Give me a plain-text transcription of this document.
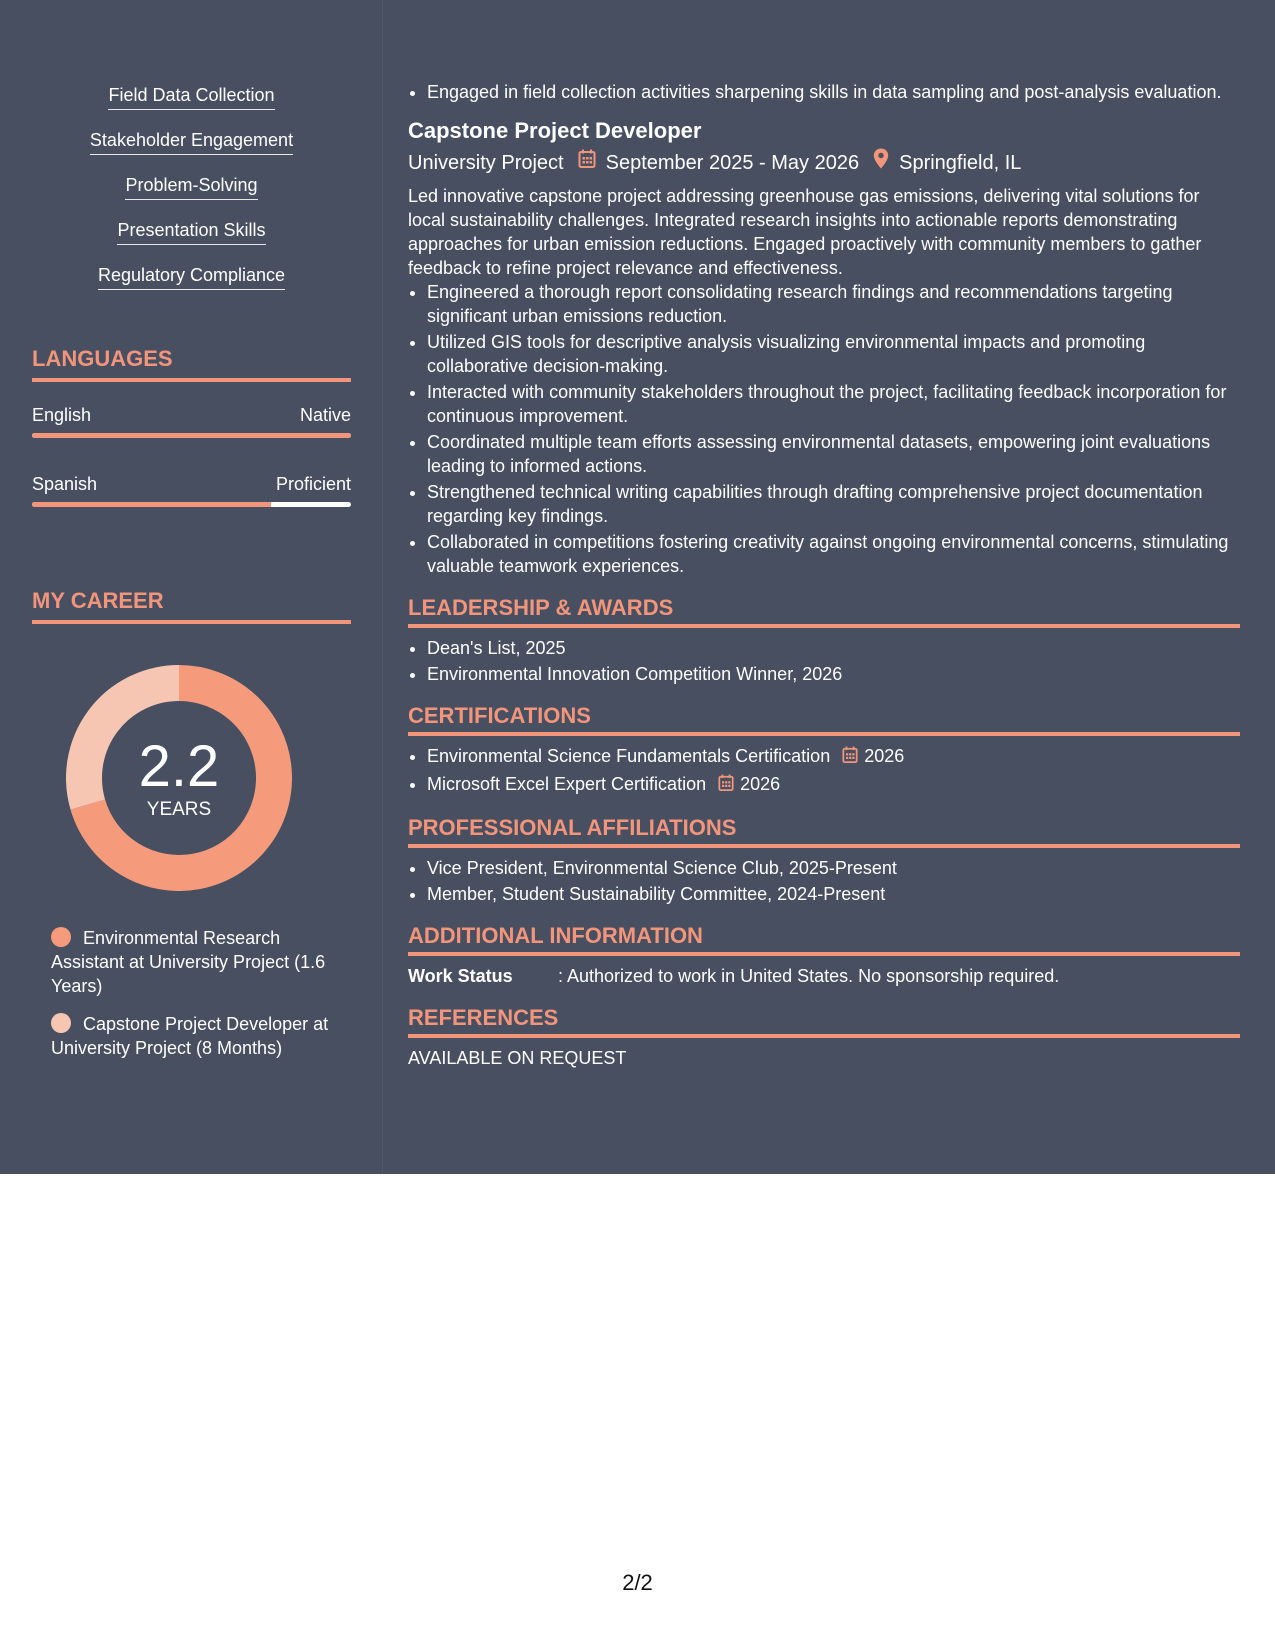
Field Data Collection
Stakeholder Engagement
Problem-Solving
Presentation Skills
Regulatory Compliance
LANGUAGES
English	Native
Spanish	Proficient
MY CAREER
2.2
YEARS
Environmental Research Assistant at University Project (1.6 Years)
Capstone Project Developer at University Project (8 Months)
• Engaged in field collection activities sharpening skills in data sampling and post-analysis evaluation.
Capstone Project Developer
University Project September 2025 - May 2026 Springfield, IL
Led innovative capstone project addressing greenhouse gas emissions, delivering vital solutions for local sustainability challenges. Integrated research insights into actionable reports demonstrating approaches for urban emission reductions. Engaged proactively with community members to gather feedback to refine project relevance and effectiveness.
• Engineered a thorough report consolidating research findings and recommendations targeting significant urban emissions reduction.
• Utilized GIS tools for descriptive analysis visualizing environmental impacts and promoting collaborative decision-making.
• Interacted with community stakeholders throughout the project, facilitating feedback incorporation for continuous improvement.
• Coordinated multiple team efforts assessing environmental datasets, empowering joint evaluations leading to informed actions.
• Strengthened technical writing capabilities through drafting comprehensive project documentation regarding key findings.
• Collaborated in competitions fostering creativity against ongoing environmental concerns, stimulating valuable teamwork experiences.
LEADERSHIP & AWARDS
• Dean's List, 2025
• Environmental Innovation Competition Winner, 2026
CERTIFICATIONS
• Environmental Science Fundamentals Certification 2026
• Microsoft Excel Expert Certification 2026
PROFESSIONAL AFFILIATIONS
• Vice President, Environmental Science Club, 2025-Present
• Member, Student Sustainability Committee, 2024-Present
ADDITIONAL INFORMATION
Work Status	: Authorized to work in United States. No sponsorship required.
REFERENCES
AVAILABLE ON REQUEST
2/2
